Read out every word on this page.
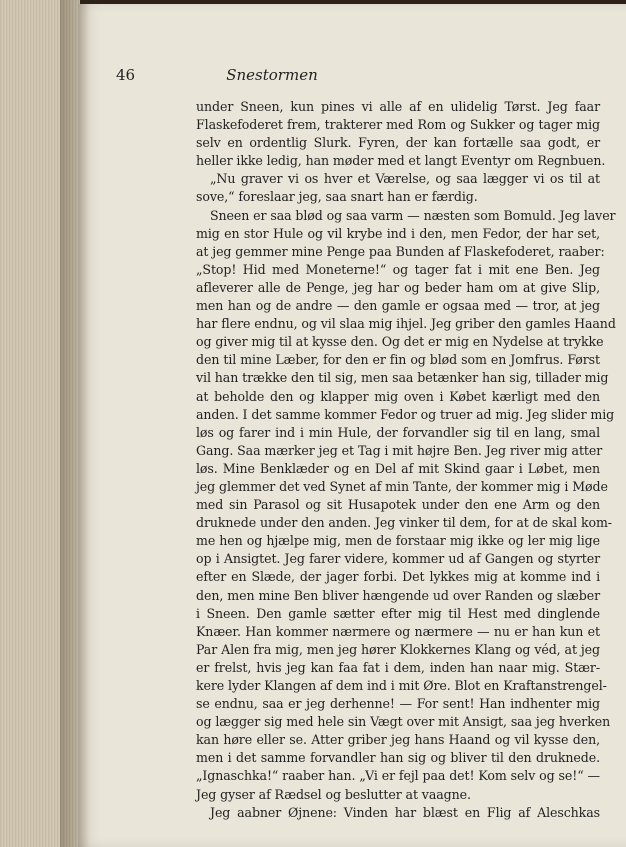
46	Snestormen
under Sneen, kun pines vi alle af en ulidelig Tørst. Jeg faar
Flaskefoderet frem, trakterer med Rom og Sukker og tager mig
selv en ordentlig Slurk. Fyren, der kan fortælle saa godt, er
heller ikke ledig, han møder med et langt Eventyr om Regnbuen.
„Nu graver vi os hver et Værelse, og saa lægger vi os til at
sove,“ foreslaar jeg, saa snart han er færdig.
Sneen er saa blød og saa varm — næsten som Bomuld. Jeg laver
mig en stor Hule og vil krybe ind i den, men Fedor, der har set,
at jeg gemmer mine Penge paa Bunden af Flaskefoderet, raaber:
„Stop! Hid med Moneterne!“ og tager fat i mit ene Ben. Jeg
afleverer alle de Penge, jeg har og beder ham om at give Slip,
men han og de andre — den gamle er ogsaa med — tror, at jeg
har flere endnu, og vil slaa mig ihjel. Jeg griber den gamles Haand
og giver mig til at kysse den. Og det er mig en Nydelse at trykke
den til mine Læber, for den er fin og blød som en Jomfrus. Først
vil han trække den til sig, men saa betænker han sig, tillader mig
at beholde den og klapper mig oven i Købet kærligt med den
anden. I det samme kommer Fedor og truer ad mig. Jeg slider mig
løs og farer ind i min Hule, der forvandler sig til en lang, smal
Gang. Saa mærker jeg et Tag i mit højre Ben. Jeg river mig atter
løs. Mine Benklæder og en Del af mit Skind gaar i Løbet, men
jeg glemmer det ved Synet af min Tante, der kommer mig i Møde
med sin Parasol og sit Husapotek under den ene Arm og den
druknede under den anden. Jeg vinker til dem, for at de skal kom-
me hen og hjælpe mig, men de forstaar mig ikke og ler mig lige
op i Ansigtet. Jeg farer videre, kommer ud af Gangen og styrter
efter en Slæde, der jager forbi. Det lykkes mig at komme ind i
den, men mine Ben bliver hængende ud over Randen og slæber
i Sneen. Den gamle sætter efter mig til Hest med dinglende
Knæer. Han kommer nærmere og nærmere — nu er han kun et
Par Alen fra mig, men jeg hører Klokkernes Klang og véd, at jeg
er frelst, hvis jeg kan faa fat i dem, inden han naar mig. Stær-
kere lyder Klangen af dem ind i mit Øre. Blot en Kraftanstrengel-
se endnu, saa er jeg derhenne! — For sent! Han indhenter mig
og lægger sig med hele sin Vægt over mit Ansigt, saa jeg hverken
kan høre eller se. Atter griber jeg hans Haand og vil kysse den,
men i det samme forvandler han sig og bliver til den druknede.
„Ignaschka!“ raaber han. „Vi er fejl paa det! Kom selv og se!“ —
Jeg gyser af Rædsel og beslutter at vaagne.
Jeg aabner Øjnene: Vinden har blæst en Flig af Aleschkas
